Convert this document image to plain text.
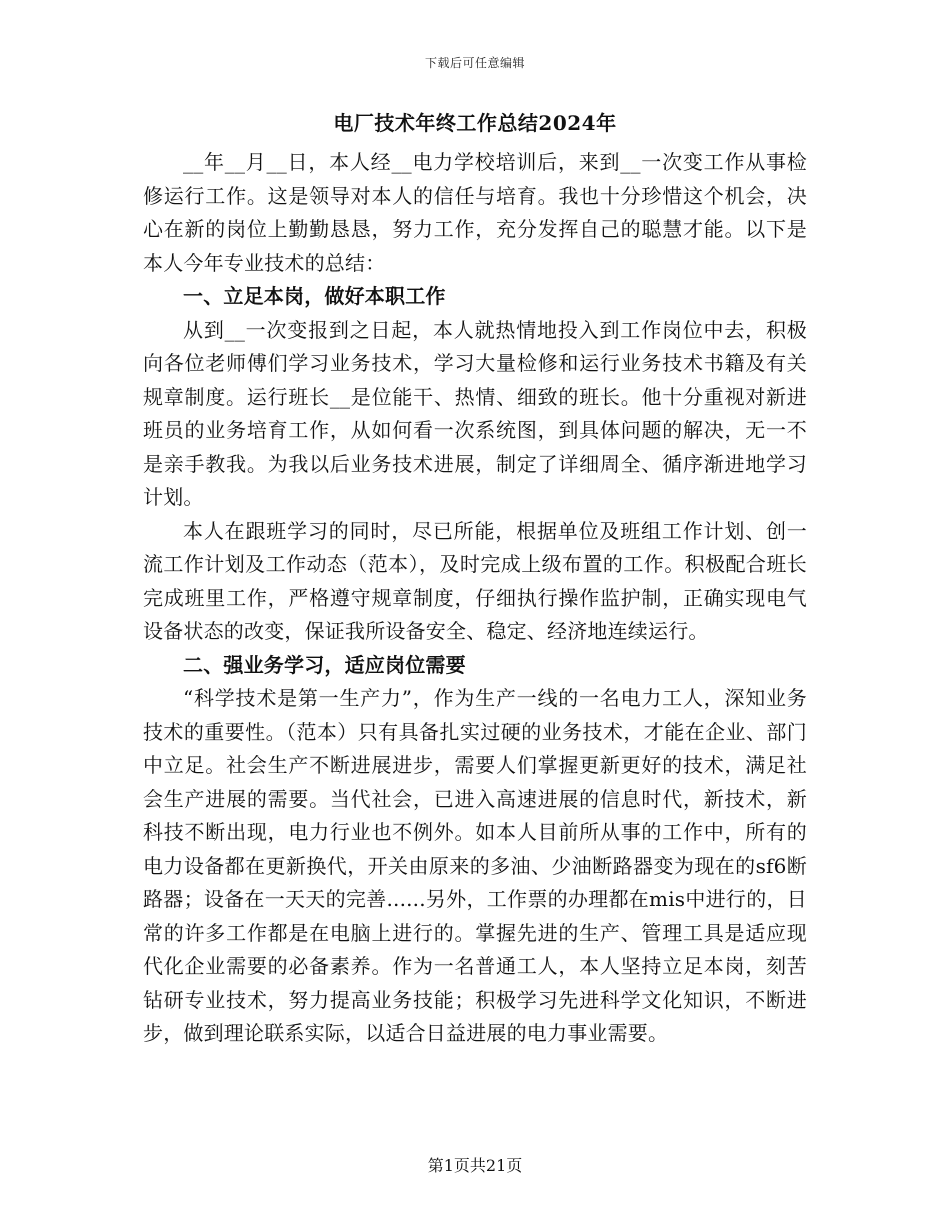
下载后可任意编辑
电厂技术年终工作总结2024年

__年__月__日，本人经__电力学校培训后，来到__一次变工作从事检修运行工作。这是领导对本人的信任与培育。我也十分珍惜这个机会，决心在新的岗位上勤勤恳恳，努力工作，充分发挥自己的聪慧才能。以下是本人今年专业技术的总结：

一、立足本岗，做好本职工作

从到__一次变报到之日起，本人就热情地投入到工作岗位中去，积极向各位老师傅们学习业务技术，学习大量检修和运行业务技术书籍及有关规章制度。运行班长__是位能干、热情、细致的班长。他十分重视对新进班员的业务培育工作，从如何看一次系统图，到具体问题的解决，无一不是亲手教我。为我以后业务技术进展，制定了详细周全、循序渐进地学习计划。

本人在跟班学习的同时，尽已所能，根据单位及班组工作计划、创一流工作计划及工作动态（范本），及时完成上级布置的工作。积极配合班长完成班里工作，严格遵守规章制度，仔细执行操作监护制，正确实现电气设备状态的改变，保证我所设备安全、稳定、经济地连续运行。

二、强业务学习，适应岗位需要

“科学技术是第一生产力”，作为生产一线的一名电力工人，深知业务技术的重要性。（范本）只有具备扎实过硬的业务技术，才能在企业、部门中立足。社会生产不断进展进步，需要人们掌握更新更好的技术，满足社会生产进展的需要。当代社会，已进入高速进展的信息时代，新技术，新科技不断出现，电力行业也不例外。如本人目前所从事的工作中，所有的电力设备都在更新换代，开关由原来的多油、少油断路器变为现在的sf6断路器；设备在一天天的完善......另外，工作票的办理都在mis中进行的，日常的许多工作都是在电脑上进行的。掌握先进的生产、管理工具是适应现代化企业需要的必备素养。作为一名普通工人，本人坚持立足本岗，刻苦钻研专业技术，努力提高业务技能；积极学习先进科学文化知识，不断进步，做到理论联系实际，以适合日益进展的电力事业需要。

第1页共21页
